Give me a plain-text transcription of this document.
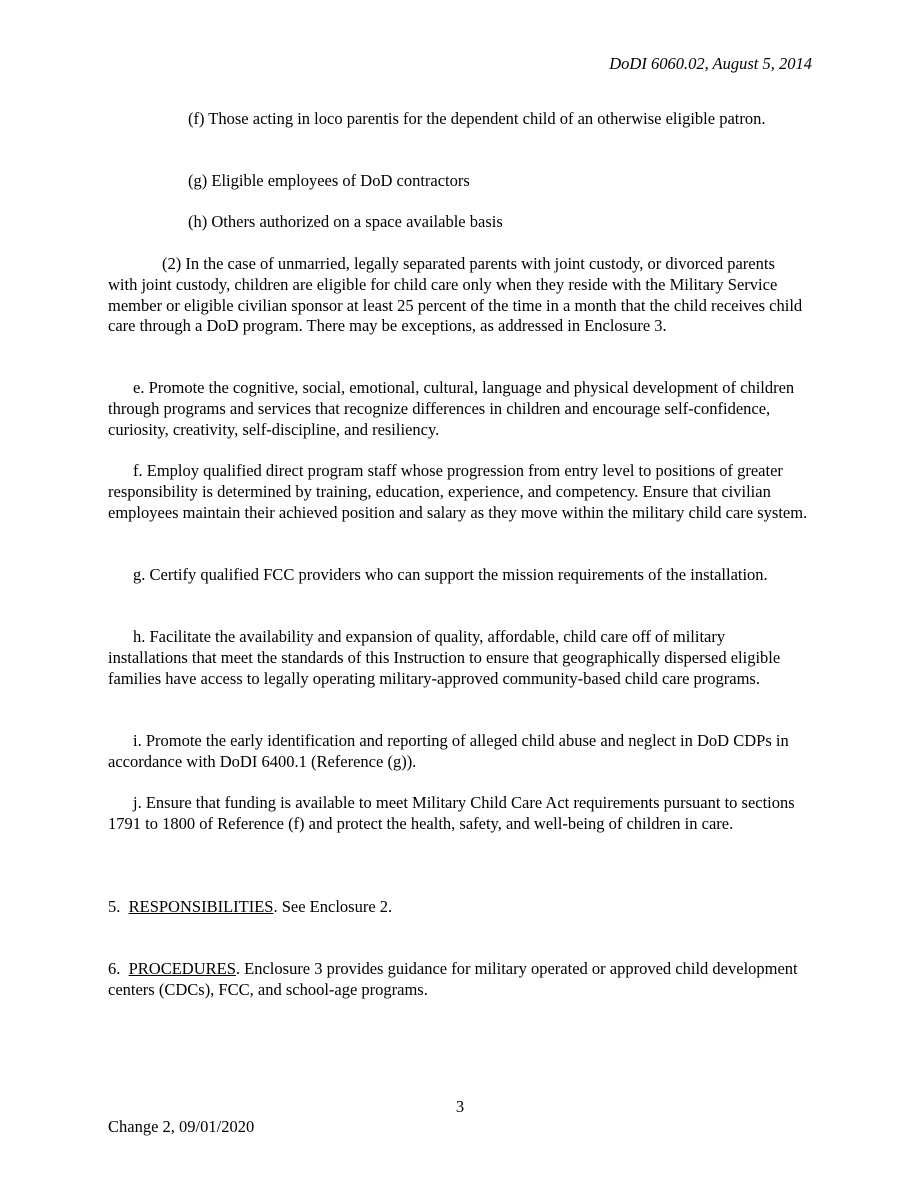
DoDI 6060.02, August 5, 2014

(f) Those acting in loco parentis for the dependent child of an otherwise eligible patron.

(g) Eligible employees of DoD contractors

(h) Others authorized on a space available basis

(2) In the case of unmarried, legally separated parents with joint custody, or divorced parents with joint custody, children are eligible for child care only when they reside with the Military Service member or eligible civilian sponsor at least 25 percent of the time in a month that the child receives child care through a DoD program. There may be exceptions, as addressed in Enclosure 3.

e. Promote the cognitive, social, emotional, cultural, language and physical development of children through programs and services that recognize differences in children and encourage self-confidence, curiosity, creativity, self-discipline, and resiliency.

f. Employ qualified direct program staff whose progression from entry level to positions of greater responsibility is determined by training, education, experience, and competency. Ensure that civilian employees maintain their achieved position and salary as they move within the military child care system.

g. Certify qualified FCC providers who can support the mission requirements of the installation.

h. Facilitate the availability and expansion of quality, affordable, child care off of military installations that meet the standards of this Instruction to ensure that geographically dispersed eligible families have access to legally operating military-approved community-based child care programs.

i. Promote the early identification and reporting of alleged child abuse and neglect in DoD CDPs in accordance with DoDI 6400.1 (Reference (g)).

j. Ensure that funding is available to meet Military Child Care Act requirements pursuant to sections 1791 to 1800 of Reference (f) and protect the health, safety, and well-being of children in care.

5. RESPONSIBILITIES. See Enclosure 2.

6. PROCEDURES. Enclosure 3 provides guidance for military operated or approved child development centers (CDCs), FCC, and school-age programs.

3
Change 2, 09/01/2020
